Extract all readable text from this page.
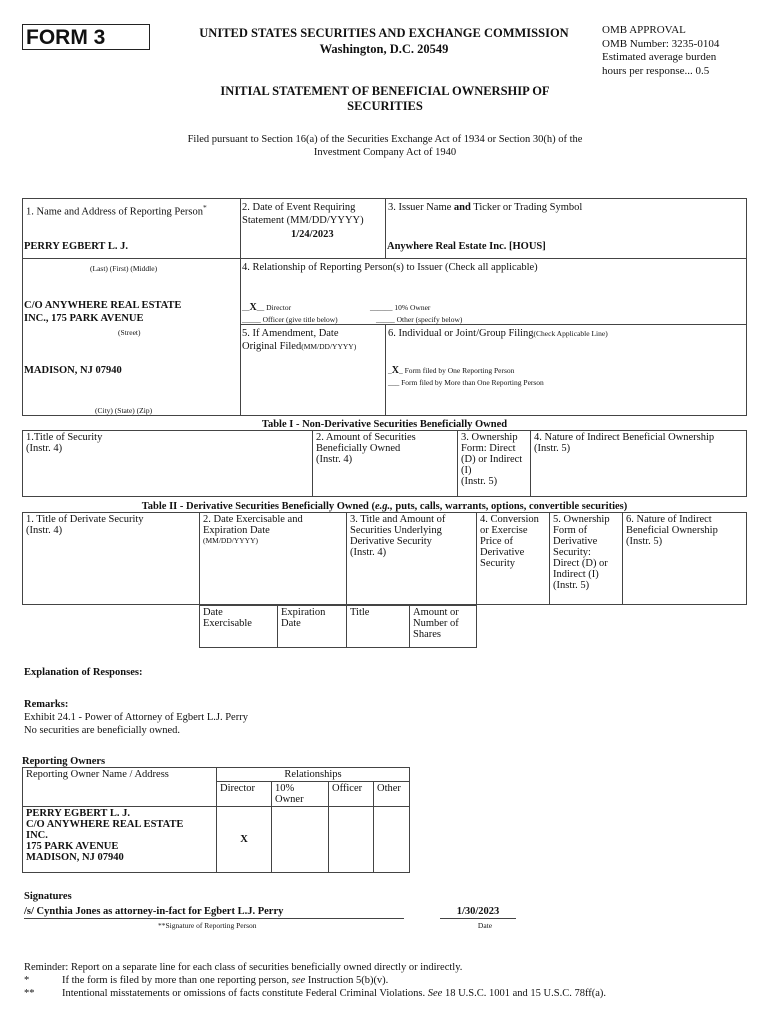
FORM 3	UNITED STATES SECURITIES AND EXCHANGE COMMISSION
Washington, D.C. 20549
OMB APPROVAL
OMB Number: 3235-0104
Estimated average burden
hours per response... 0.5
INITIAL STATEMENT OF BENEFICIAL OWNERSHIP OF
SECURITIES
Filed pursuant to Section 16(a) of the Securities Exchange Act of 1934 or Section 30(h) of the
Investment Company Act of 1940
1. Name and Address of Reporting Person*
PERRY EGBERT L. J.
(Last) (First) (Middle)
C/O ANYWHERE REAL ESTATE
INC., 175 PARK AVENUE
(Street)
MADISON, NJ 07940
(City) (State) (Zip)
2. Date of Event Requiring
Statement (MM/DD/YYYY)
1/24/2023
3. Issuer Name and Ticker or Trading Symbol
Anywhere Real Estate Inc. [HOUS]
4. Relationship of Reporting Person(s) to Issuer (Check all applicable)
__X__ Director	______ 10% Owner
_____ Officer (give title below)	_____ Other (specify below)
5. If Amendment, Date
Original Filed(MM/DD/YYYY)
6. Individual or Joint/Group Filing(Check Applicable Line)
_X_ Form filed by One Reporting Person
___ Form filed by More than One Reporting Person
Table I - Non-Derivative Securities Beneficially Owned
1.Title of Security
(Instr. 4)

2. Amount of Securities
Beneficially Owned
(Instr. 4)

3. Ownership
Form: Direct
(D) or Indirect
(I)
(Instr. 5)

4. Nature of Indirect Beneficial Ownership
(Instr. 5)
Table II - Derivative Securities Beneficially Owned (e.g., puts, calls, warrants, options, convertible securities)
1. Title of Derivate Security
(Instr. 4)

2. Date Exercisable and
Expiration Date
(MM/DD/YYYY)

3. Title and Amount of
Securities Underlying
Derivative Security
(Instr. 4)

4. Conversion
or Exercise
Price of
Derivative
Security

5. Ownership
Form of
Derivative
Security:
Direct (D) or
Indirect (I)
(Instr. 5)

6. Nature of Indirect
Beneficial Ownership
(Instr. 5)
Date
Exercisable

Expiration
Date

Title	Amount or
Number of
Shares
Explanation of Responses:
Remarks:
Exhibit 24.1 - Power of Attorney of Egbert L.J. Perry
No securities are beneficially owned.
Reporting Owners
Reporting Owner Name / Address	Relationships			
	Director	10% Owner	Officer	Other

PERRY EGBERT L. J.
C/O ANYWHERE REAL ESTATE
INC.
175 PARK AVENUE
MADISON, NJ 07940	X			
Signatures
/s/ Cynthia Jones as attorney-in-fact for Egbert L.J. Perry
**Signature of Reporting Person
1/30/2023
Date
Reminder: Report on a separate line for each class of securities beneficially owned directly or indirectly.
*	If the form is filed by more than one reporting person, see Instruction 5(b)(v).
**	Intentional misstatements or omissions of facts constitute Federal Criminal Violations. See 18 U.S.C. 1001 and 15 U.S.C. 78ff(a).
